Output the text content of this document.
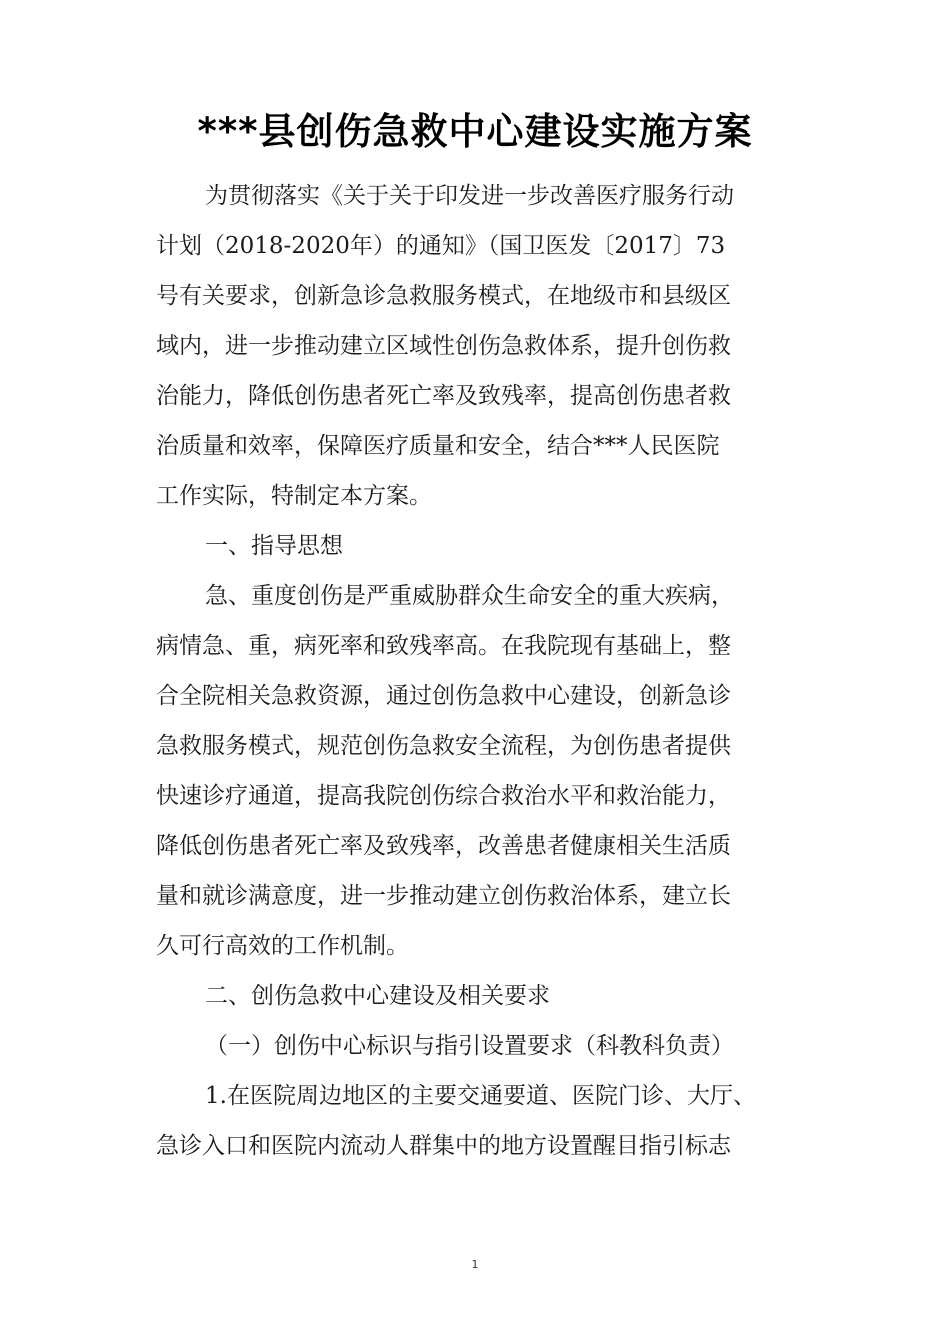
***县创伤急救中心建设实施方案

为贯彻落实《关于关于印发进一步改善医疗服务行动

计划（2018-2020年）的通知》（国卫医发〔2017〕73

号有关要求，创新急诊急救服务模式，在地级市和县级区

域内，进一步推动建立区域性创伤急救体系，提升创伤救

治能力，降低创伤患者死亡率及致残率，提高创伤患者救

治质量和效率，保障医疗质量和安全，结合***人民医院

工作实际，特制定本方案。

一、指导思想

急、重度创伤是严重威胁群众生命安全的重大疾病，

病情急、重，病死率和致残率高。在我院现有基础上，整

合全院相关急救资源，通过创伤急救中心建设，创新急诊

急救服务模式，规范创伤急救安全流程，为创伤患者提供

快速诊疗通道，提高我院创伤综合救治水平和救治能力，

降低创伤患者死亡率及致残率，改善患者健康相关生活质

量和就诊满意度，进一步推动建立创伤救治体系，建立长

久可行高效的工作机制。

二、创伤急救中心建设及相关要求

（一）创伤中心标识与指引设置要求（科教科负责）

1.在医院周边地区的主要交通要道、医院门诊、大厅、

急诊入口和医院内流动人群集中的地方设置醒目指引标志

1
